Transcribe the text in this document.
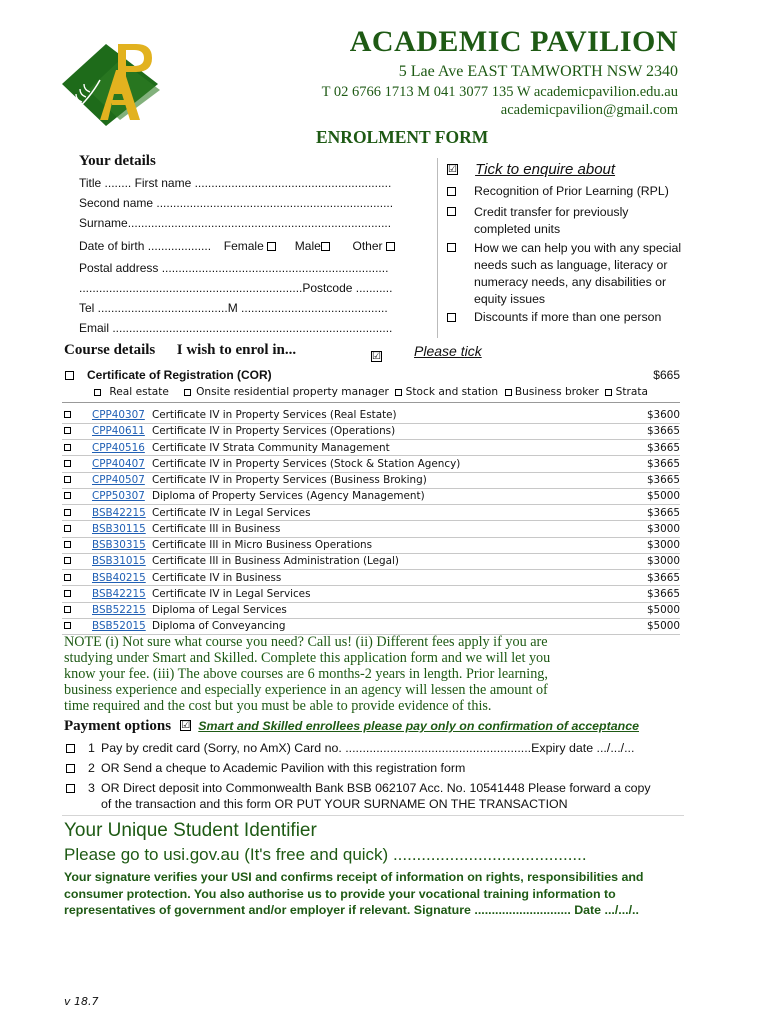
ACADEMIC PAVILION
5 Lae Ave EAST TAMWORTH NSW 2340
T 02 6766 1713 M 041 3077 135 W academicpavilion.edu.au
academicpavilion@gmail.com
ENROLMENT FORM
Your details
Title ........ First name ...........................................................
Second name .......................................................................
Surname...............................................................................
Date of birth ................... Female	Male	Other
Postal address ....................................................................
...................................................................Postcode ...........
Tel .......................................M ............................................
Email ....................................................................................
☑ Tick to enquire about
Recognition of Prior Learning (RPL)
Credit transfer for previously completed units
How we can help you with any special needs such as language, literacy or numeracy needs, any disabilities or equity issues
Discounts if more than one person
Course details I wish to enrol in...	☑ Please tick
Certificate of Registration (COR)	$665
Real estate	Onsite residential property manager Stock and station Business broker Strata
CPP40307 Certificate IV in Property Services (Real Estate)	$3600
CPP40611 Certificate IV in Property Services (Operations)	$3665
CPP40516 Certificate IV Strata Community Management	$3665
CPP40407 Certificate IV in Property Services (Stock & Station Agency)	$3665
CPP40507 Certificate IV in Property Services (Business Broking)	$3665
CPP50307 Diploma of Property Services (Agency Management)	$5000
BSB42215 Certificate IV in Legal Services	$3665
BSB30115 Certificate III in Business	$3000
BSB30315 Certificate III in Micro Business Operations	$3000
BSB31015 Certificate III in Business Administration (Legal)	$3000
BSB40215 Certificate IV in Business	$3665
BSB42215 Certificate IV in Legal Services	$3665
BSB52215 Diploma of Legal Services	$5000
BSB52015 Diploma of Conveyancing	$5000
NOTE (i) Not sure what course you need? Call us! (ii) Different fees apply if you are
studying under Smart and Skilled. Complete this application form and we will let you
know your fee. (iii) The above courses are 6 months-2 years in length. Prior learning,
business experience and especially experience in an agency will lessen the amount of
time required and the cost but you must be able to provide evidence of this.
Payment options ☑ Smart and Skilled enrollees please pay only on confirmation of acceptance
1 Pay by credit card (Sorry, no AmX) Card no. ......................................................Expiry date .../.../...
2 OR Send a cheque to Academic Pavilion with this registration form
3 OR Direct deposit into Commonwealth Bank BSB 062107 Acc. No. 10541448 Please forward a copy
of the transaction and this form OR PUT YOUR SURNAME ON THE TRANSACTION
Your Unique Student Identifier
Please go to usi.gov.au (It's free and quick) .........................................
Your signature verifies your USI and confirms receipt of information on rights, responsibilities and
consumer protection. You also authorise us to provide your vocational training information to
representatives of government and/or employer if relevant. Signature ............................ Date .../.../..
v 18.7
